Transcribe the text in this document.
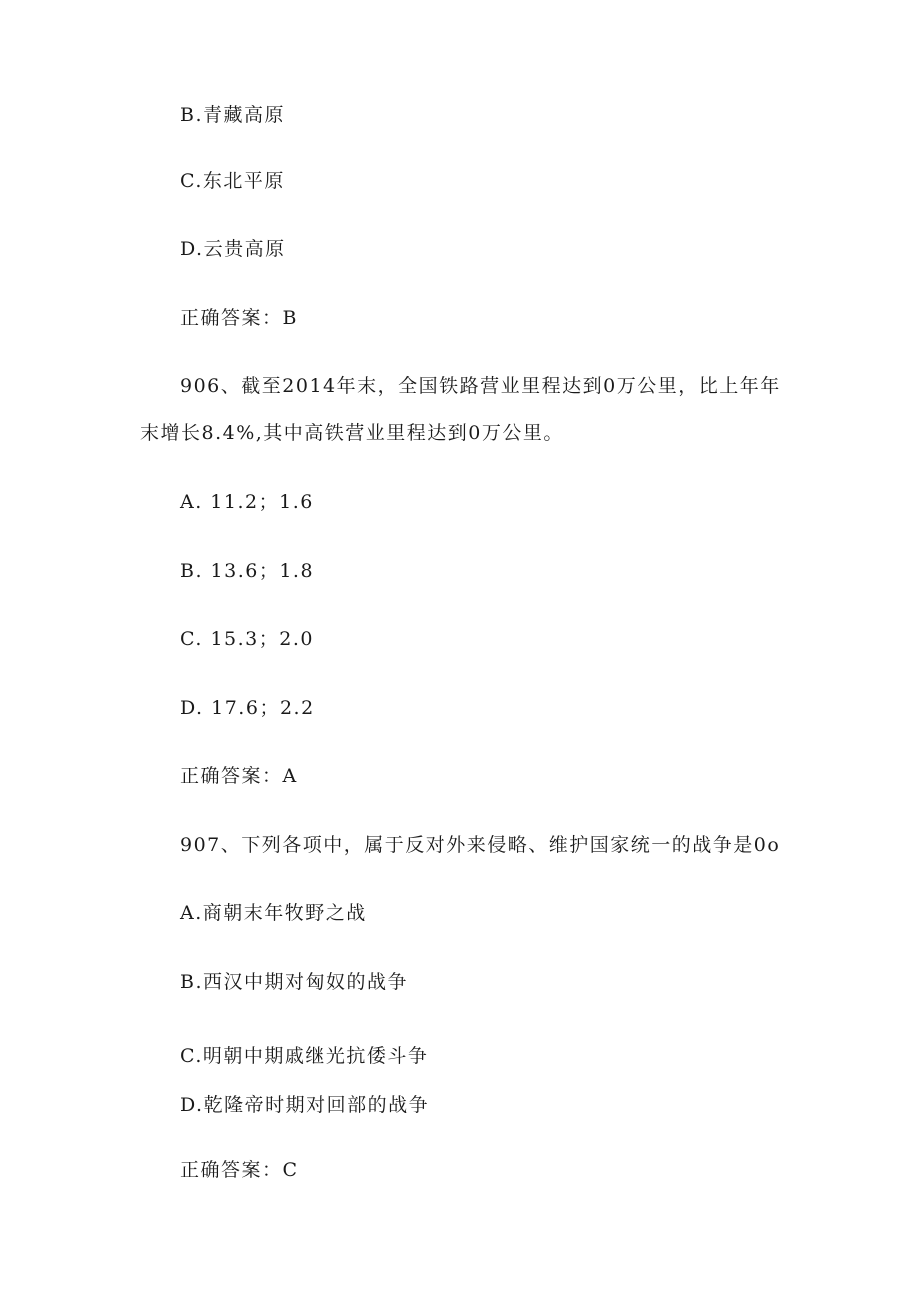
B.青藏高原
C.东北平原
D.云贵高原
正确答案：B
906、截至2014年末，全国铁路营业里程达到0万公里，比上年年
末增长8.4%,其中高铁营业里程达到0万公里。
A. 11.2；1.6
B. 13.6；1.8
C. 15.3；2.0
D. 17.6；2.2
正确答案：A
907、下列各项中，属于反对外来侵略、维护国家统一的战争是0o
A.商朝末年牧野之战
B.西汉中期对匈奴的战争
C.明朝中期戚继光抗倭斗争
D.乾隆帝时期对回部的战争
正确答案：C
